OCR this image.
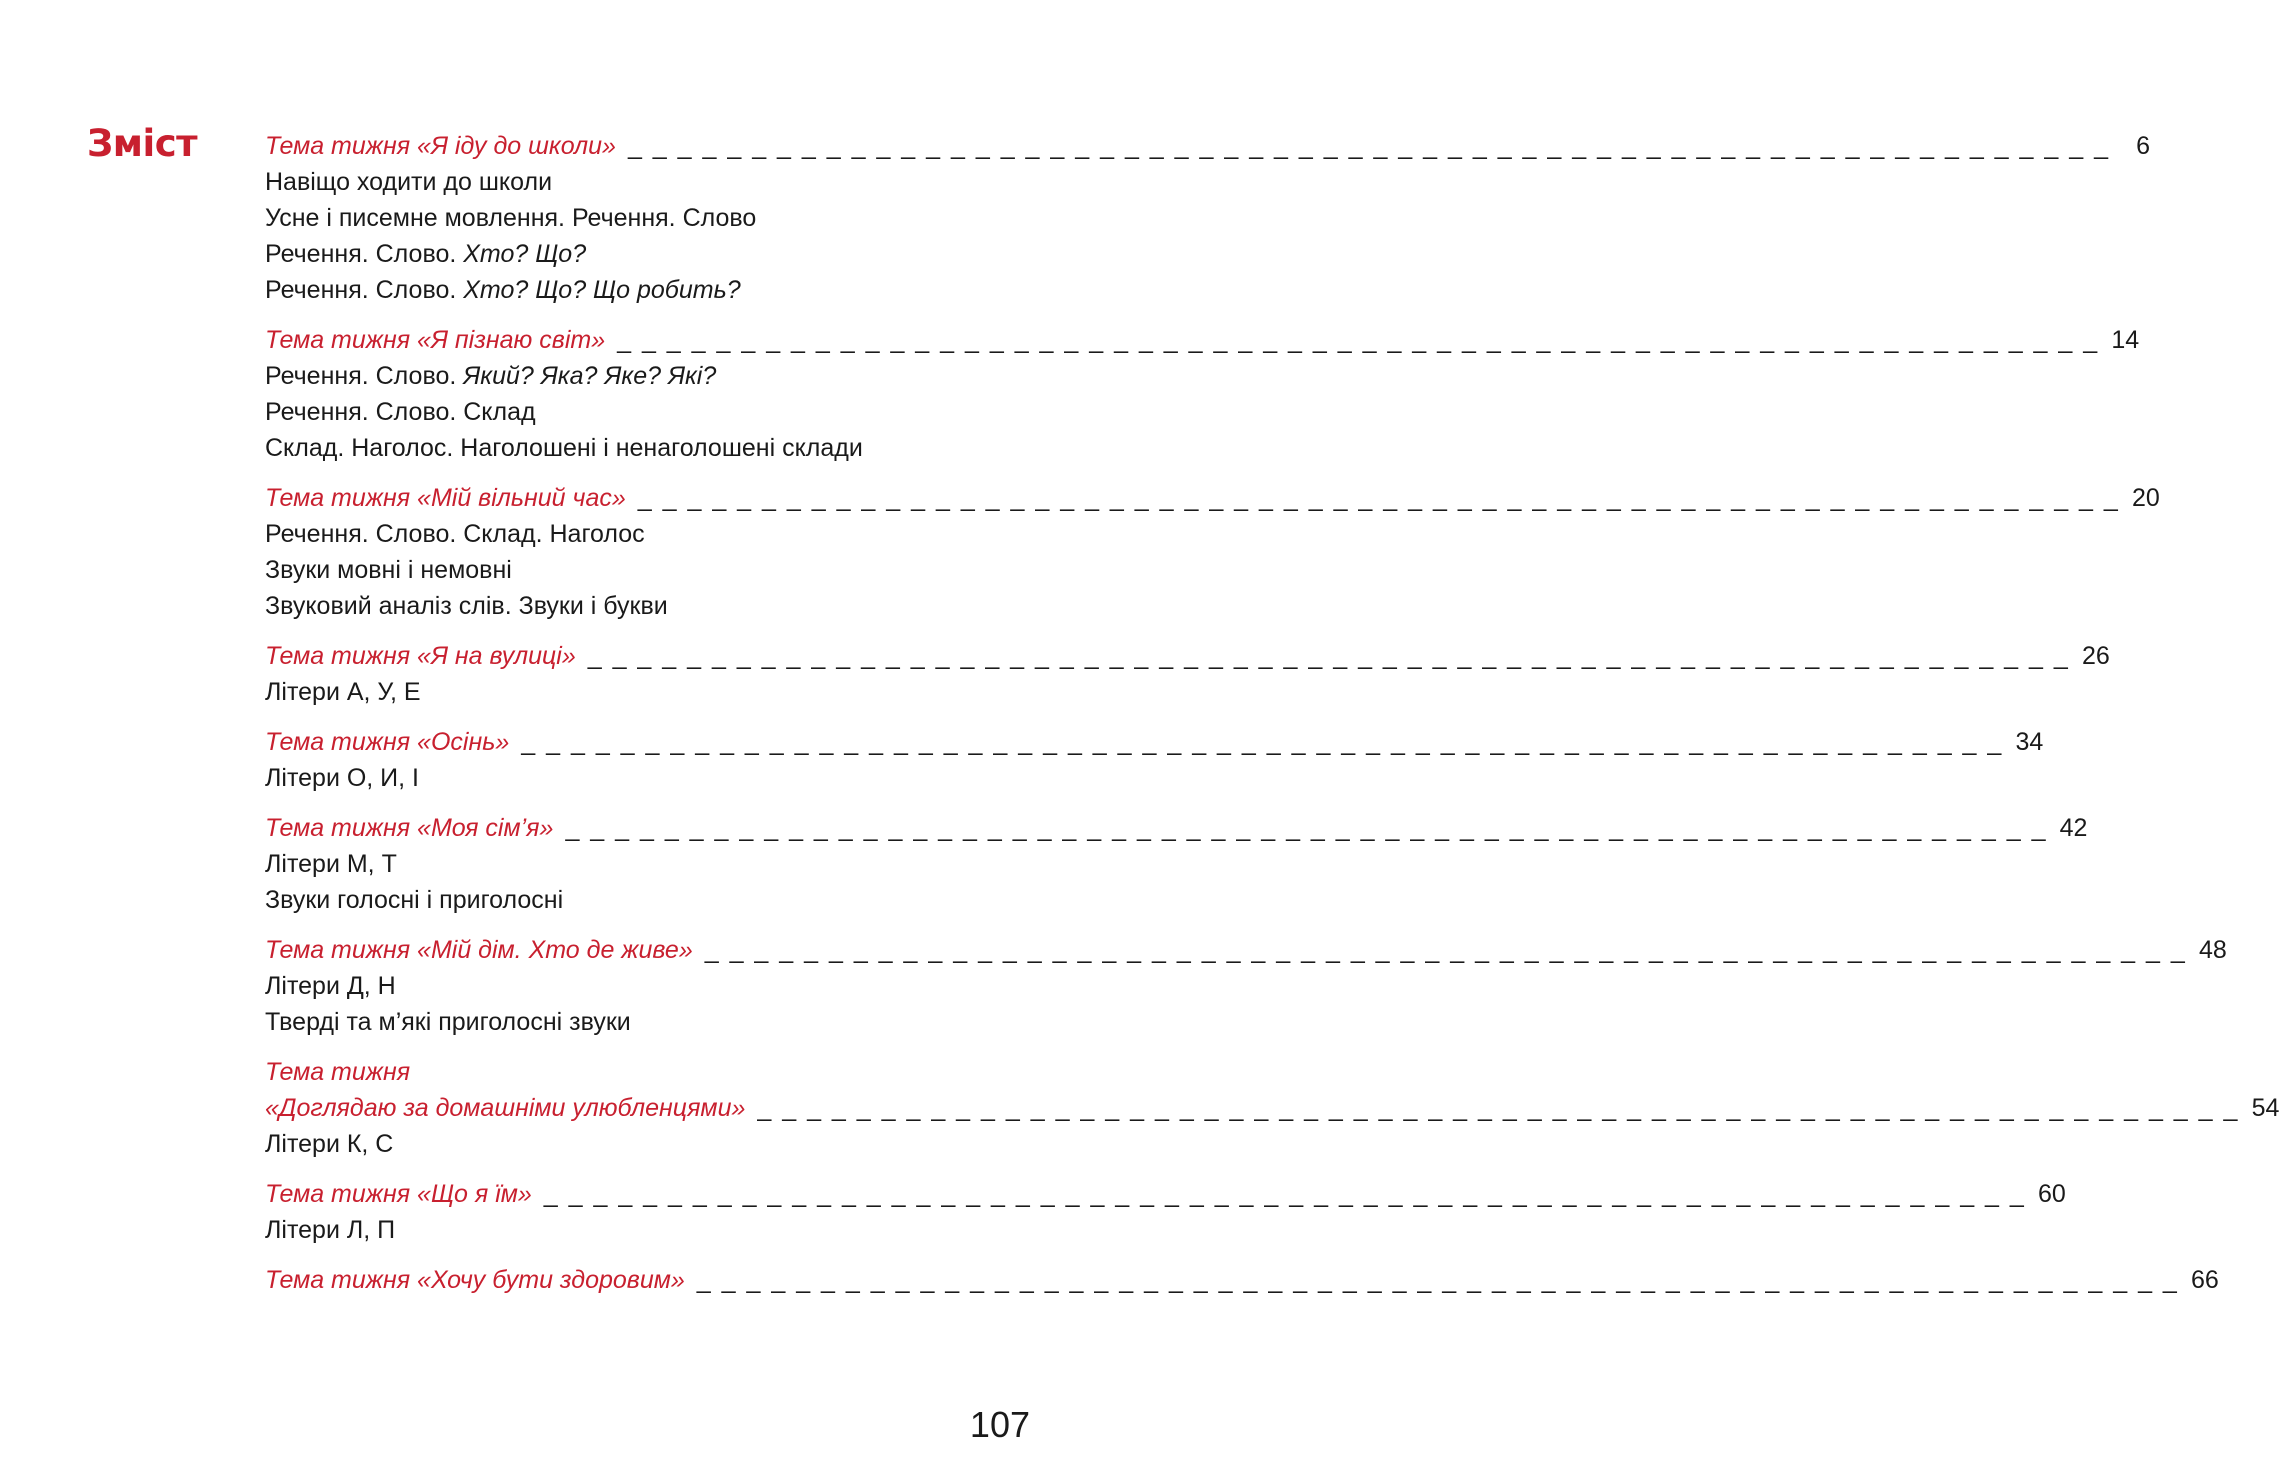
Зміст	Тема тижня «Я іду до школи» _ _ _ _ _ _ _ _ _ _ _ _ _ _ _ _ _ _ _ _ _ _ _ _ _ _ _ _ _ _ _ _ _ _ _ _ _ _ _ _ _ _ _ _ _ _ _ _ _ _ _ _ _ _ _ _ _ _ _ _	6
Навіщо ходити до школи
Усне і писемне мовлення. Речення. Слово
Речення. Слово. Хто? Що?
Речення. Слово. Хто? Що? Що робить?
Тема тижня «Я пізнаю світ» _ _ _ _ _ _ _ _ _ _ _ _ _ _ _ _ _ _ _ _ _ _ _ _ _ _ _ _ _ _ _ _ _ _ _ _ _ _ _ _ _ _ _ _ _ _ _ _ _ _ _ _ _ _ _ _ _ _ _ _ 14
Речення. Слово. Який? Яка? Яке? Які?
Речення. Слово. Склад
Склад. Наголос. Наголошені і ненаголошені склади
Тема тижня «Мій вільний час» _ _ _ _ _ _ _ _ _ _ _ _ _ _ _ _ _ _ _ _ _ _ _ _ _ _ _ _ _ _ _ _ _ _ _ _ _ _ _ _ _ _ _ _ _ _ _ _ _ _ _ _ _ _ _ _ _ _ _ _ 20
Речення. Слово. Склад. Наголос
Звуки мовні і немовні
Звуковий аналіз слів. Звуки і букви
Тема тижня «Я на вулиці» _ _ _ _ _ _ _ _ _ _ _ _ _ _ _ _ _ _ _ _ _ _ _ _ _ _ _ _ _ _ _ _ _ _ _ _ _ _ _ _ _ _ _ _ _ _ _ _ _ _ _ _ _ _ _ _ _ _ _ _ 26
Літери А, У, Е
Тема тижня «Осінь» _ _ _ _ _ _ _ _ _ _ _ _ _ _ _ _ _ _ _ _ _ _ _ _ _ _ _ _ _ _ _ _ _ _ _ _ _ _ _ _ _ _ _ _ _ _ _ _ _ _ _ _ _ _ _ _ _ _ _ _ 34
Літери О, И, І
Тема тижня «Моя сім’я» _ _ _ _ _ _ _ _ _ _ _ _ _ _ _ _ _ _ _ _ _ _ _ _ _ _ _ _ _ _ _ _ _ _ _ _ _ _ _ _ _ _ _ _ _ _ _ _ _ _ _ _ _ _ _ _ _ _ _ _ 42
Літери М, Т
Звуки голосні і приголосні
Тема тижня «Мій дім. Хто де живе» _ _ _ _ _ _ _ _ _ _ _ _ _ _ _ _ _ _ _ _ _ _ _ _ _ _ _ _ _ _ _ _ _ _ _ _ _ _ _ _ _ _ _ _ _ _ _ _ _ _ _ _ _ _ _ _ _ _ _ _ 48
Літери Д, Н
Тверді та м’які приголосні звуки
Тема тижня
«Доглядаю за домашніми улюбленцями» _ _ _ _ _ _ _ _ _ _ _ _ _ _ _ _ _ _ _ _ _ _ _ _ _ _ _ _ _ _ _ _ _ _ _ _ _ _ _ _ _ _ _ _ _ _ _ _ _ _ _ _ _ _ _ _ _ _ _ _ 54
Літери К, С
Тема тижня «Що я їм» _ _ _ _ _ _ _ _ _ _ _ _ _ _ _ _ _ _ _ _ _ _ _ _ _ _ _ _ _ _ _ _ _ _ _ _ _ _ _ _ _ _ _ _ _ _ _ _ _ _ _ _ _ _ _ _ _ _ _ _ 60
Літери Л, П
Тема тижня «Хочу бути здоровим» _ _ _ _ _ _ _ _ _ _ _ _ _ _ _ _ _ _ _ _ _ _ _ _ _ _ _ _ _ _ _ _ _ _ _ _ _ _ _ _ _ _ _ _ _ _ _ _ _ _ _ _ _ _ _ _ _ _ _ _ 66
107
